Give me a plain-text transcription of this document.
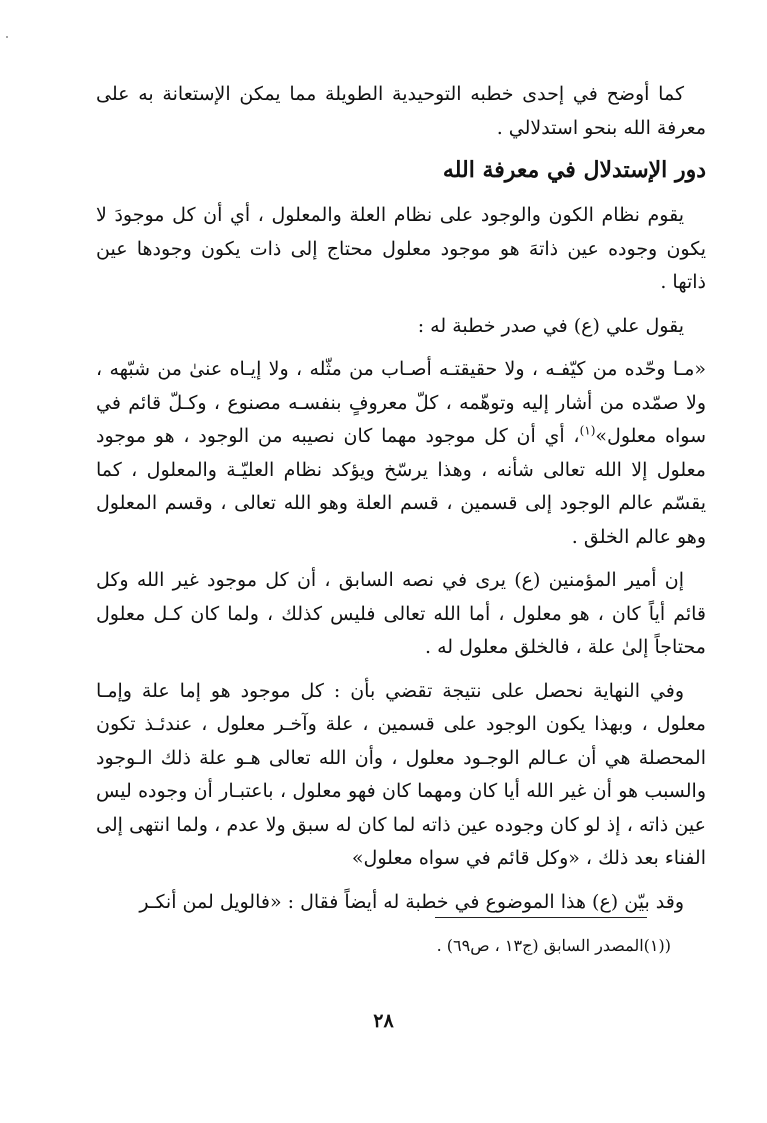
كما أوضح في إحدى خطبه التوحيدية الطويلة مما يمكن الإستعانة به على معرفة الله بنحو استدلالي .

دور الإستدلال في معرفة الله

يقوم نظام الكون والوجود على نظام العلة والمعلول ، أي أن كل موجودَ لا يكون وجوده عين ذاتهَ هو موجود معلول محتاج إلى ذات يكون وجودها عين ذاتها .

يقول علي (ع) في صدر خطبة له :

«مـا وحّده من كيّفـه ، ولا حقيقتـه أصـاب من مثّله ، ولا إيـاه عنىٰ من شبّهه ، ولا صمّده من أشار إليه وتوهّمه ، كلّ معروفٍ بنفسـه مصنوع ، وكـلّ قائم في سواه معلول»$^{(١)}$، أي أن كل موجود مهما كان نصيبه من الوجود ، هو موجود معلول إلا الله تعالى شأنه ، وهذا يرسّخ ويؤكد نظام العليّـة والمعلول ، كما يقسّم عالم الوجود إلى قسمين ، قسم العلة وهو الله تعالى ، وقسم المعلول وهو عالم الخلق .

إن أمير المؤمنين (ع) يرى في نصه السابق ، أن كل موجود غير الله وكل قائم أياً كان ، هو معلول ، أما الله تعالى فليس كذلك ، ولما كان كـل معلول محتاجاً إلىٰ علة ، فالخلق معلول له .

وفي النهاية نحصل على نتيجة تقضي بأن : كل موجود هو إما علة وإمـا معلول ، وبهذا يكون الوجود على قسمين ، علة وآخـر معلول ، عندئـذ تكون المحصلة هي أن عـالم الوجـود معلول ، وأن الله تعالى هـو علة ذلك الـوجود والسبب هو أن غير الله أيا كان ومهما كان فهو معلول ، باعتبـار أن وجوده ليس عين ذاته ، إذ لو كان وجوده عين ذاته لما كان له سبق ولا عدم ، ولما انتهى إلى الفناء بعد ذلك ، «وكل قائم في سواه معلول»

وقد بيّن (ع) هذا الموضوع في خطبة له أيضاً فقال : «فالويل لمن أنكـر

((١)المصدر السابق (ج١٣ ، ص٦٩) .
٢٨
